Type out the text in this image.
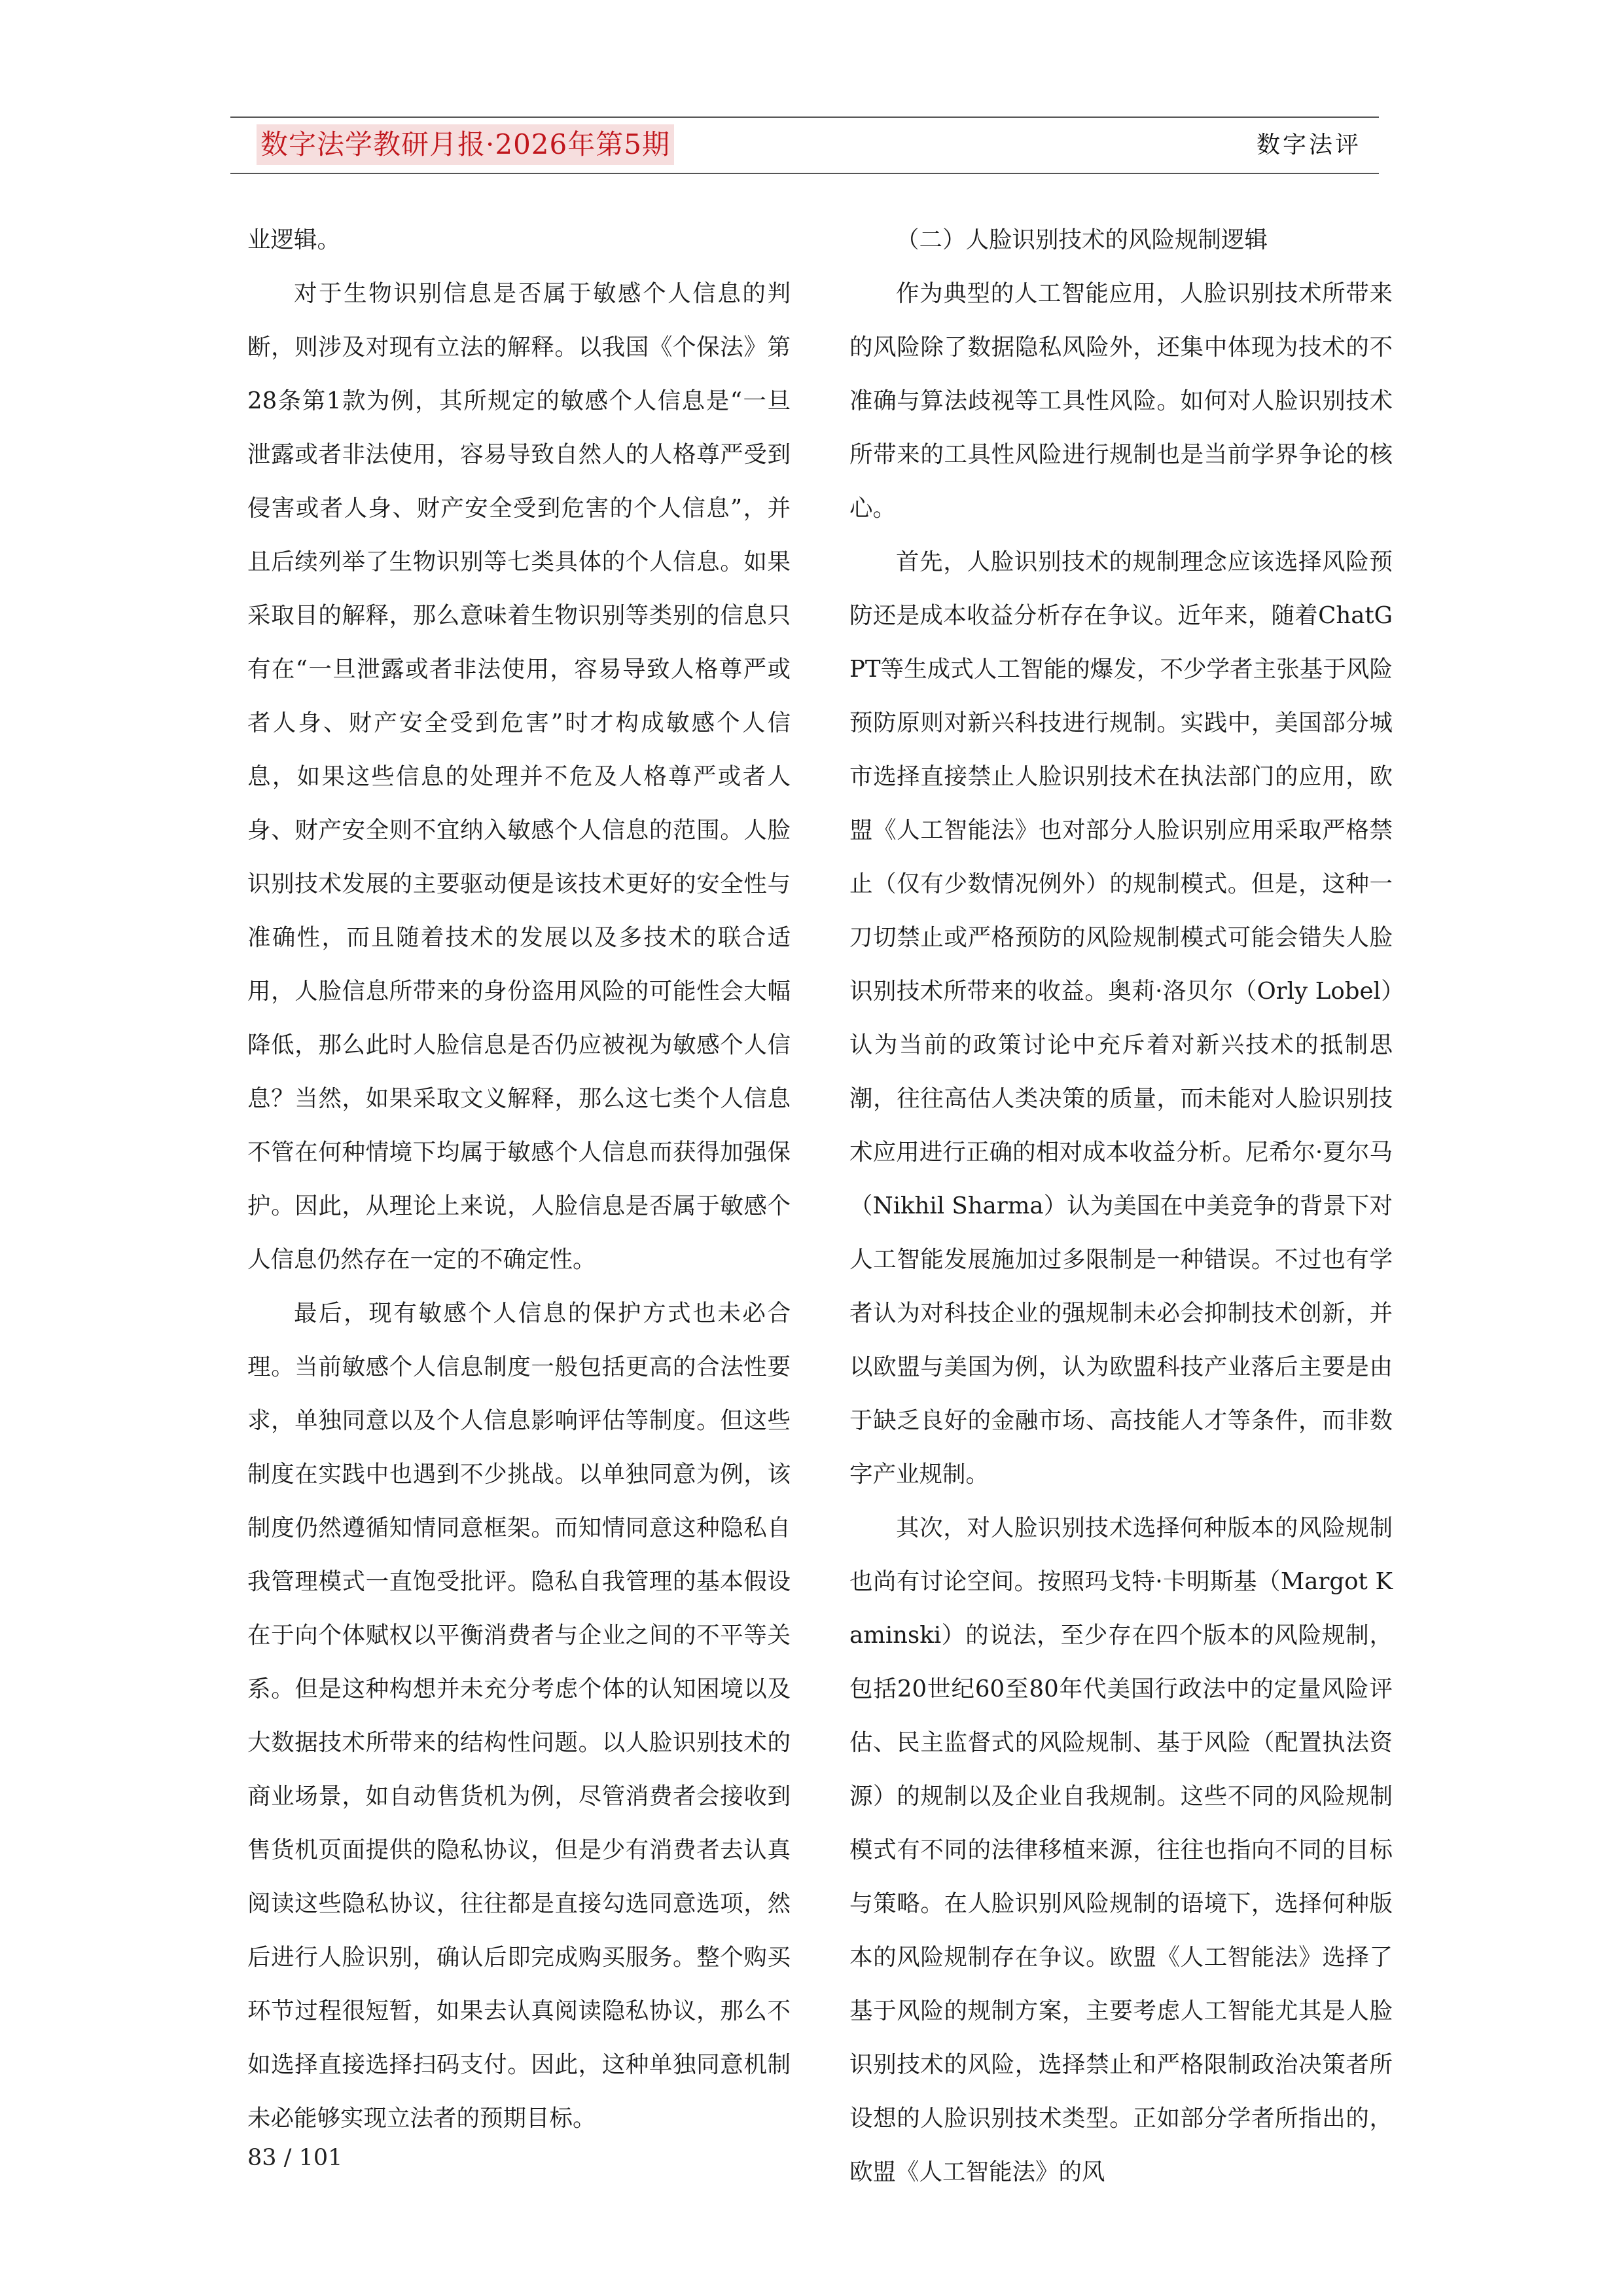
数字法学教研月报·2026年第5期	数字法评

业逻辑。

对于生物识别信息是否属于敏感个人信息的判断，则涉及对现有立法的解释。以我国《个保法》第28条第1款为例，其所规定的敏感个人信息是“一旦泄露或者非法使用，容易导致自然人的人格尊严受到侵害或者人身、财产安全受到危害的个人信息”，并且后续列举了生物识别等七类具体的个人信息。如果采取目的解释，那么意味着生物识别等类别的信息只有在“一旦泄露或者非法使用，容易导致人格尊严或者人身、财产安全受到危害”时才构成敏感个人信息，如果这些信息的处理并不危及人格尊严或者人身、财产安全则不宜纳入敏感个人信息的范围。人脸识别技术发展的主要驱动便是该技术更好的安全性与准确性，而且随着技术的发展以及多技术的联合适用，人脸信息所带来的身份盗用风险的可能性会大幅降低，那么此时人脸信息是否仍应被视为敏感个人信息？当然，如果采取文义解释，那么这七类个人信息不管在何种情境下均属于敏感个人信息而获得加强保护。因此，从理论上来说，人脸信息是否属于敏感个人信息仍然存在一定的不确定性。

最后，现有敏感个人信息的保护方式也未必合理。当前敏感个人信息制度一般包括更高的合法性要求，单独同意以及个人信息影响评估等制度。但这些制度在实践中也遇到不少挑战。以单独同意为例，该制度仍然遵循知情同意框架。而知情同意这种隐私自我管理模式一直饱受批评。隐私自我管理的基本假设在于向个体赋权以平衡消费者与企业之间的不平等关系。但是这种构想并未充分考虑个体的认知困境以及大数据技术所带来的结构性问题。以人脸识别技术的商业场景，如自动售货机为例，尽管消费者会接收到售货机页面提供的隐私协议，但是少有消费者去认真阅读这些隐私协议，往往都是直接勾选同意选项，然后进行人脸识别，确认后即完成购买服务。整个购买环节过程很短暂，如果去认真阅读隐私协议，那么不如选择直接选择扫码支付。因此，这种单独同意机制未必能够实现立法者的预期目标。

（二）人脸识别技术的风险规制逻辑

作为典型的人工智能应用，人脸识别技术所带来的风险除了数据隐私风险外，还集中体现为技术的不准确与算法歧视等工具性风险。如何对人脸识别技术所带来的工具性风险进行规制也是当前学界争论的核心。

首先，人脸识别技术的规制理念应该选择风险预防还是成本收益分析存在争议。近年来，随着ChatGPT等生成式人工智能的爆发，不少学者主张基于风险预防原则对新兴科技进行规制。实践中，美国部分城市选择直接禁止人脸识别技术在执法部门的应用，欧盟《人工智能法》也对部分人脸识别应用采取严格禁止（仅有少数情况例外）的规制模式。但是，这种一刀切禁止或严格预防的风险规制模式可能会错失人脸识别技术所带来的收益。奥莉·洛贝尔（Orly Lobel）认为当前的政策讨论中充斥着对新兴技术的抵制思潮，往往高估人类决策的质量，而未能对人脸识别技术应用进行正确的相对成本收益分析。尼希尔·夏尔马（Nikhil Sharma）认为美国在中美竞争的背景下对人工智能发展施加过多限制是一种错误。不过也有学者认为对科技企业的强规制未必会抑制技术创新，并以欧盟与美国为例，认为欧盟科技产业落后主要是由于缺乏良好的金融市场、高技能人才等条件，而非数字产业规制。

其次，对人脸识别技术选择何种版本的风险规制也尚有讨论空间。按照玛戈特·卡明斯基（Margot Kaminski）的说法，至少存在四个版本的风险规制，包括20世纪60至80年代美国行政法中的定量风险评估、民主监督式的风险规制、基于风险（配置执法资源）的规制以及企业自我规制。这些不同的风险规制模式有不同的法律移植来源，往往也指向不同的目标与策略。在人脸识别风险规制的语境下，选择何种版本的风险规制存在争议。欧盟《人工智能法》选择了基于风险的规制方案，主要考虑人工智能尤其是人脸识别技术的风险，选择禁止和严格限制政治决策者所设想的人脸识别技术类型。正如部分学者所指出的，欧盟《人工智能法》的风

83 / 101
